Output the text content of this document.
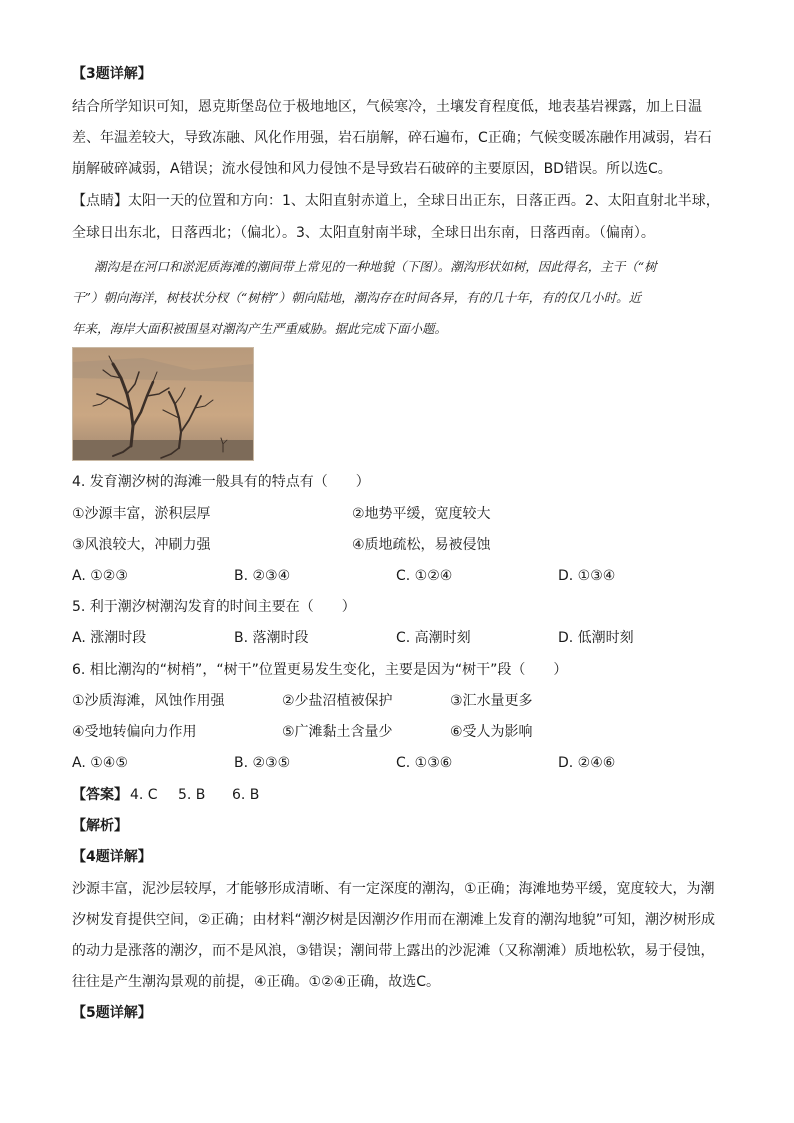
【3题详解】
结合所学知识可知，恩克斯堡岛位于极地地区，气候寒冷，土壤发育程度低，地表基岩裸露，加上日温
差、年温差较大，导致冻融、风化作用强，岩石崩解，碎石遍布，C正确；气候变暖冻融作用减弱，岩石
崩解破碎减弱，A错误；流水侵蚀和风力侵蚀不是导致岩石破碎的主要原因，BD错误。所以选C。
【点睛】太阳一天的位置和方向：1、太阳直射赤道上，全球日出正东，日落正西。2、太阳直射北半球，
全球日出东北，日落西北；（偏北）。3、太阳直射南半球，全球日出东南，日落西南。（偏南）。
潮沟是在河口和淤泥质海滩的潮间带上常见的一种地貌（下图）。潮沟形状如树，因此得名，主干（“树
干”）朝向海洋，树枝状分杈（“树梢”）朝向陆地，潮沟存在时间各异，有的几十年，有的仅几小时。近
年来，海岸大面积被围垦对潮沟产生严重威胁。据此完成下面小题。
4. 发育潮汐树的海滩一般具有的特点有（　　）
①沙源丰富，淤积层厚	②地势平缓，宽度较大
③风浪较大，冲刷力强	④质地疏松，易被侵蚀
A. ①②③	B. ②③④	C. ①②④	D. ①③④
5. 利于潮汐树潮沟发育的时间主要在（　　）
A. 涨潮时段	B. 落潮时段	C. 高潮时刻	D. 低潮时刻
6. 相比潮沟的“树梢”，“树干”位置更易发生变化，主要是因为“树干”段（　　）
①沙质海滩，风蚀作用强	②少盐沼植被保护	③汇水量更多
④受地转偏向力作用	⑤广滩黏土含量少	⑥受人为影响
A. ①④⑤	B. ②③⑤	C. ①③⑥	D. ②④⑥
【答案】 4. C 5. B 6. B
【解析】
【4题详解】
沙源丰富，泥沙层较厚，才能够形成清晰、有一定深度的潮沟，①正确；海滩地势平缓，宽度较大，为潮
汐树发育提供空间，②正确；由材料“潮汐树是因潮汐作用而在潮滩上发育的潮沟地貌”可知，潮汐树形成
的动力是涨落的潮汐，而不是风浪，③错误；潮间带上露出的沙泥滩（又称潮滩）质地松软，易于侵蚀，
往往是产生潮沟景观的前提，④正确。①②④正确，故选C。
【5题详解】
